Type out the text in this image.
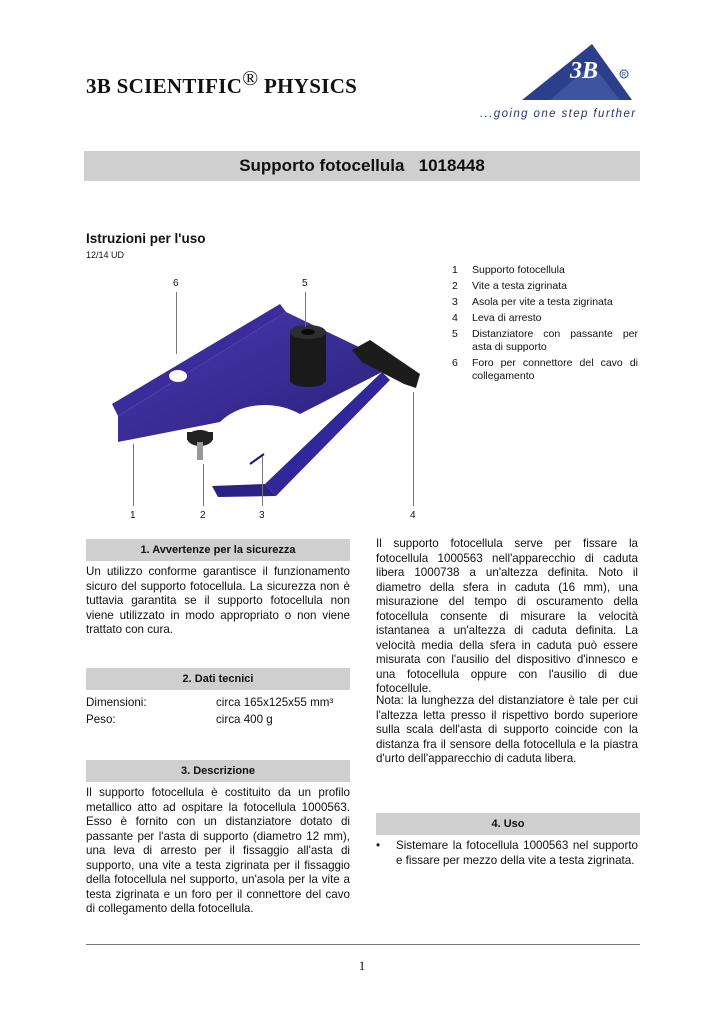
3B SCIENTIFIC® PHYSICS
3B	R
...going one step further
Supporto fotocellula   1018448
Istruzioni per l'uso
12/14 UD
6	5
1	2	3	4
1	Supporto fotocellula
2	Vite a testa zigrinata
3	Asola per vite a testa zigrinata
4	Leva di arresto
5	Distanziatore con passante per asta di supporto
6	Foro per connettore del cavo di collegamento
1. Avvertenze per la sicurezza
Un utilizzo conforme garantisce il funzionamento sicuro del supporto fotocellula. La sicurezza non è tuttavia garantita se il supporto fotocellula non viene utilizzato in modo appropriato o non viene trattato con cura.
2. Dati tecnici
Dimensioni:	circa 165x125x55 mm³
Peso:	circa 400 g
3. Descrizione
Il supporto fotocellula è costituito da un profilo metallico atto ad ospitare la fotocellula 1000563. Esso è fornito con un distanziatore dotato di passante per l'asta di supporto (diametro 12 mm), una leva di arresto per il fissaggio all'asta di supporto, una vite a testa zigrinata per il fissaggio della fotocellula nel supporto, un'asola per la vite a testa zigrinata e un foro per il connettore del cavo di collegamento della fotocellula.
Il supporto fotocellula serve per fissare la fotocellula 1000563 nell'apparecchio di caduta libera 1000738 a un'altezza definita. Noto il diametro della sfera in caduta (16 mm), una misurazione del tempo di oscuramento della fotocellula consente di misurare la velocità istantanea a un'altezza di caduta definita. La velocità media della sfera in caduta può essere misurata con l'ausilio del dispositivo d'innesco e una fotocellula oppure con l'ausilio di due fotocellule.
Nota: la lunghezza del distanziatore è tale per cui l'altezza letta presso il rispettivo bordo superiore sulla scala dell'asta di supporto coincide con la distanza fra il sensore della fotocellula e la piastra d'urto dell'apparecchio di caduta libera.
4. Uso
•	Sistemare la fotocellula 1000563 nel supporto e fissare per mezzo della vite a testa zigrinata.
1
